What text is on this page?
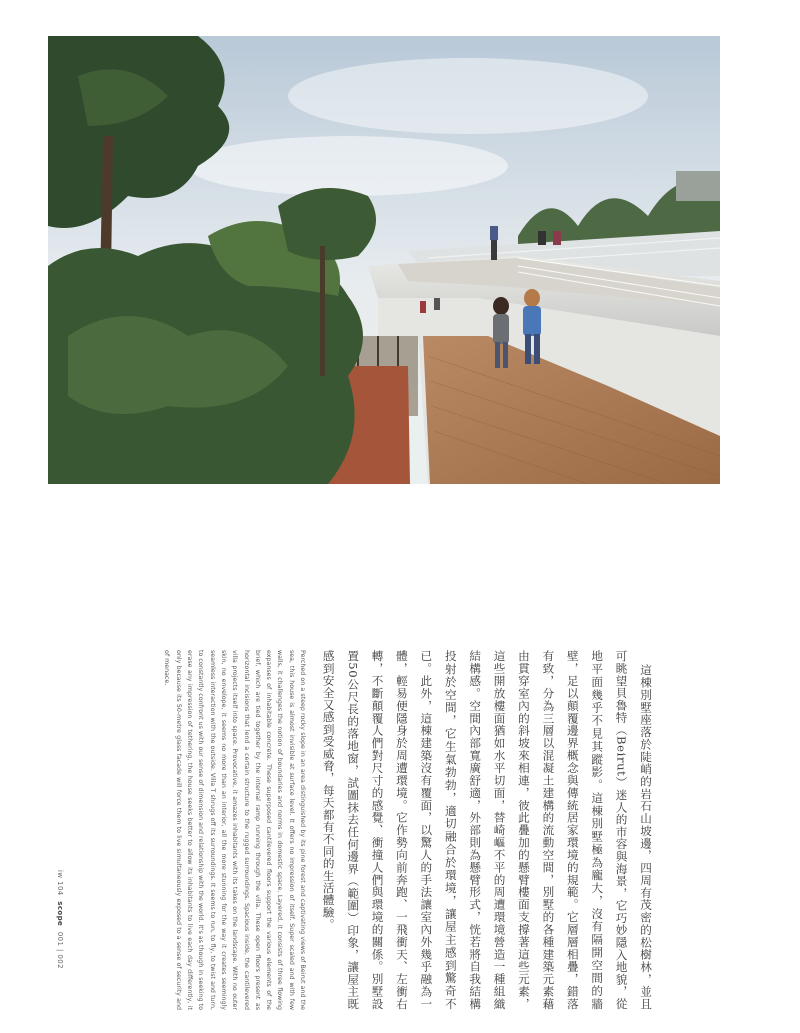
這棟別墅座落於陡峭的岩石山坡邊，四周有茂密的松樹林，並且可眺望貝魯特（Beirut）迷人的市容與海景，它巧妙隱入地貌，從地平面幾乎不見其蹤影。這棟別墅極為龐大，沒有隔開空間的牆壁，足以顛覆邊界概念與傳統居家環境的規範。它層層相疊，錯落有致，分為三層以混凝土建構的流動空間，別墅的各種建築元素藉由貫穿室內的斜坡來相連，彼此疊加的懸臂樓面支撐著這些元素，這些開放樓面猶如水平切面，替崎嶇不平的周遭環境營造一種組織結構感。空間內部寬廣舒適，外部則為懸臂形式，恍若將自我結構投射於空間，它生氣勃勃，適切融合於環境，讓屋主感到驚奇不已。此外，這棟建築沒有覆面，以驚人的手法讓室內外幾乎融為一體，輕易便隱身於周遭環境。它作勢向前奔跑、一飛衝天、左衝右轉，不斷顛覆人們對尺寸的感覺、衝撞人們與環境的關係。別墅設置50公尺長的落地窗，試圖抹去任何邊界（範圍）印象，讓屋主既感到安全又感到受威脅，每天都有不同的生活體驗。

Perched on a steep rocky slope in an area distinguished by its pine forest and captivating views of Beirut and the sea, this house is almost invisible at surface level. It offers no impression of itself. Super scaled and with few walls, it challenges the notion of boundaries and norms in domestic space. Layered, it consists of three flowing expanses of inhabitable concrete. These superposed cantilevered floors support the various elements of the brief, which are tied together by the internal ramp running through the villa. These open floors present as horizontal incisions that lend a certain structure to the rugged surroundings. Spacious inside, the cantilevered villa projects itself into space. Provocative, it amazes inhabitants with its takes on the landscape. With no outer skin, no envelope, it seems no more than an interior, all the more stunning for the way it creates seemingly seamless interaction with the outside. Villa T shrugs off its surroundings. It seems to run, to fly, to twist and turn, to constantly confront us with our sense of dimension and relationship with the world. It's as though in seeking to erase any impression of tethering, the house seeks better to allow its inhabitants to live each day differently, it only because its 50-metre glass facade will force them to live simultaneously exposed to a sense of security and of menace.

iw 104 scope 001 | 002
